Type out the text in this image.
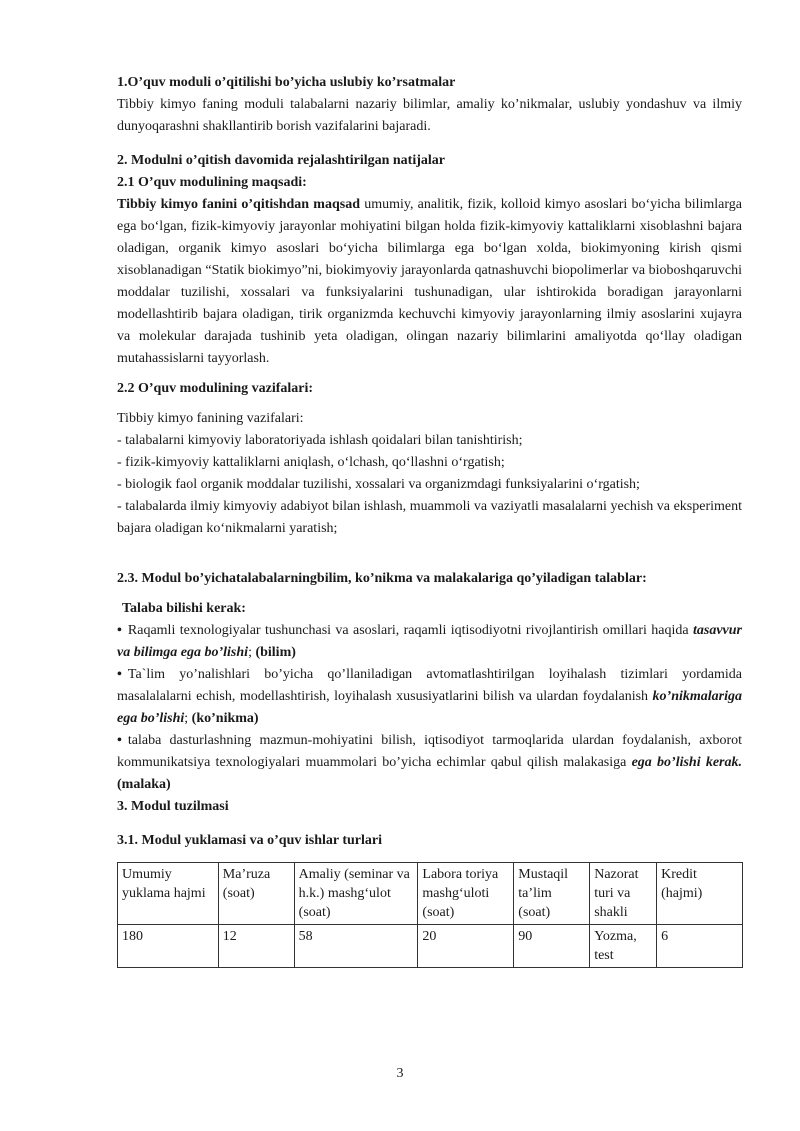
1.O’quv moduli o’qitilishi bo’yicha uslubiy ko’rsatmalar

Tibbiy kimyo faning moduli talabalarni nazariy bilimlar, amaliy ko’nikmalar, uslubiy yondashuv va ilmiy dunyoqarashni shakllantirib borish vazifalarini bajaradi.

2. Modulni o’qitish davomida rejalashtirilgan natijalar

2.1 O’quv modulining maqsadi:

Tibbiy kimyo fanini o’qitishdan maqsad umumiy, analitik, fizik, kolloid kimyo asoslari bo‘yicha bilimlarga ega bo‘lgan, fizik-kimyoviy jarayonlar mohiyatini bilgan holda fizik-kimyoviy kattaliklarni xisoblashni bajara oladigan, organik kimyo asoslari bo‘yicha bilimlarga ega bo‘lgan xolda, biokimyoning kirish qismi xisoblanadigan “Statik biokimyo”ni, biokimyoviy jarayonlarda qatnashuvchi biopolimerlar va bioboshqaruvchi moddalar tuzilishi, xossalari va funksiyalarini tushunadigan, ular ishtirokida boradigan jarayonlarni modellashtirib bajara oladigan, tirik organizmda kechuvchi kimyoviy jarayonlarning ilmiy asoslarini xujayra va molekular darajada tushinib yeta oladigan, olingan nazariy bilimlarini amaliyotda qo‘llay oladigan mutahassislarni tayyorlash.

2.2 O’quv modulining vazifalari:

Tibbiy kimyo fanining vazifalari:

- talabalarni kimyoviy laboratoriyada ishlash qoidalari bilan tanishtirish;

- fizik-kimyoviy kattaliklarni aniqlash, o‘lchash, qo‘llashni o‘rgatish;

- biologik faol organik moddalar tuzilishi, xossalari va organizmdagi funksiyalarini o‘rgatish;

- talabalarda ilmiy kimyoviy adabiyot bilan ishlash, muammoli va vaziyatli masalalarni yechish va eksperiment bajara oladigan ko‘nikmalarni yaratish;

2.3. Modul bo’yichatalabalarningbilim, ko’nikma va malakalariga qo’yiladigan talablar:

Talaba bilishi kerak:

• Raqamli texnologiyalar tushunchasi va asoslari, raqamli iqtisodiyotni rivojlantirish omillari haqida tasavvur va bilimga ega bo’lishi; (bilim)

• Ta`lim yo’nalishlari bo’yicha qo’llaniladigan avtomatlashtirilgan loyihalash tizimlari yordamida masalalalarni echish, modellashtirish, loyihalash xususiyatlarini bilish va ulardan foydalanish ko’nikmalariga ega bo’lishi; (ko’nikma)

• talaba dasturlashning mazmun-mohiyatini bilish, iqtisodiyot tarmoqlarida ulardan foydalanish, axborot kommunikatsiya texnologiyalari muammolari bo’yicha echimlar qabul qilish malakasiga ega bo’lishi kerak. (malaka)

3. Modul tuzilmasi

3.1. Modul yuklamasi va o’quv ishlar turlari

Umumiy yuklama hajmi	Ma’ruza (soat)	Amaliy (seminar va h.k.) mashg‘ulot (soat)	Labora toriya mashg‘uloti (soat)	Mustaqil ta’lim (soat)	Nazorat turi va shakli	Kredit (hajmi)
180	12	58	20	90	Yozma, test	6
3
